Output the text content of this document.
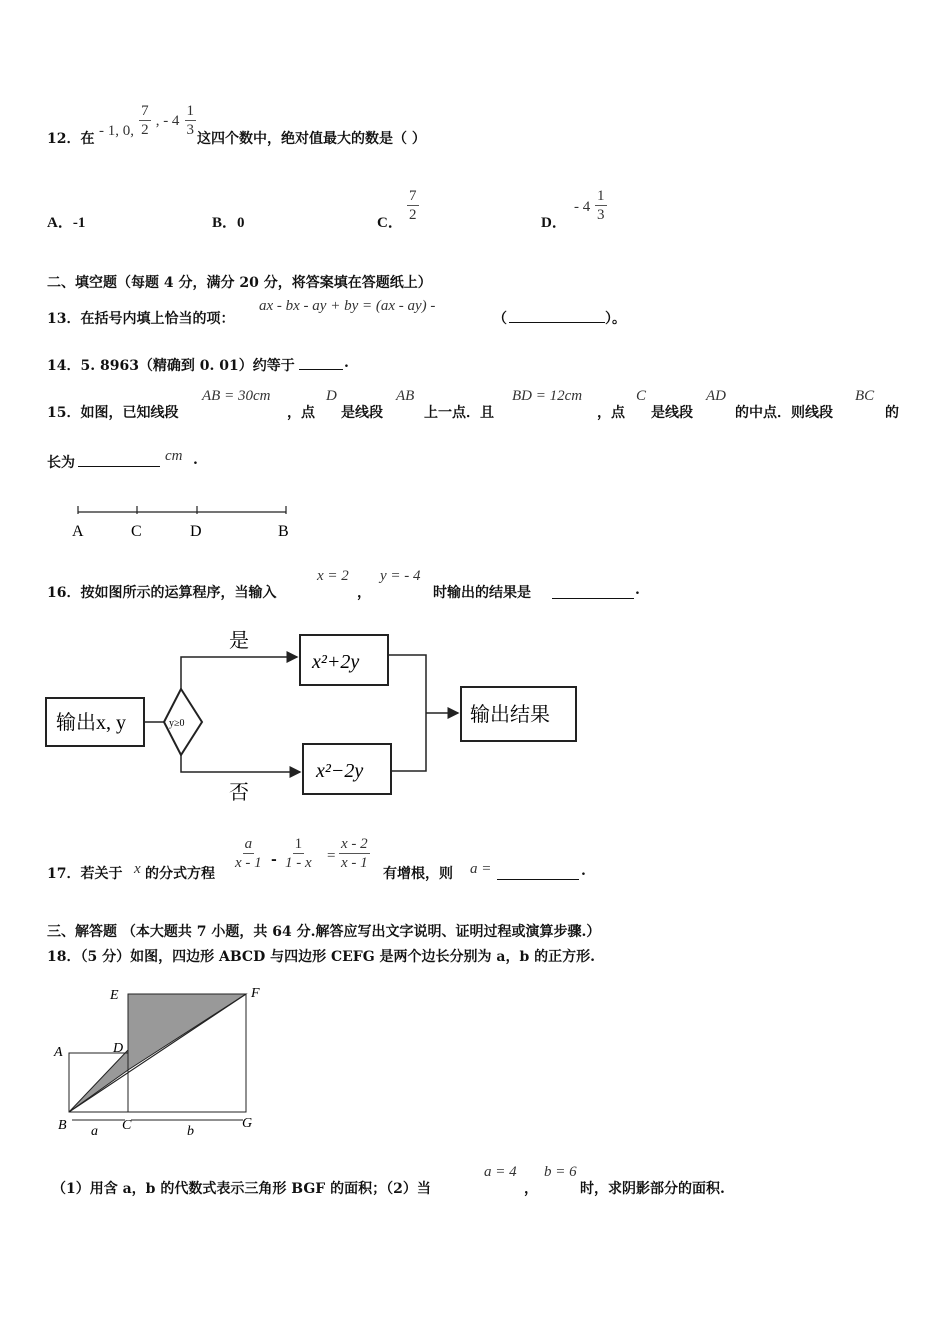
12．在 - 1, 0, $\frac{7}{2}$ , - $4 \frac{1}{3}$ 这四个数中，绝对值最大的数是（ ）
A．-1	B．0	C． $\frac{7}{2}$	D．
- $4 \frac{1}{3}$
二、填空题（每题 4 分，满分 20 分，将答案填在答题纸上）
13．在括号内填上恰当的项：
ax - bx - ay + by = (ax - ay) -
（	）。
14．5. 8963（精确到 0. 01）约等于	.
15．如图，已知线段
AB = 30cm
，点
D
是线段
AB
上一点．且
BD = 12cm
，点
C
是线段
AD
的中点．则线段
BC
的
长为	cm .
A	C	D	B
16．按如图所示的运算程序，当输入
x = 2
，
y = - 4
时输出的结果是	.
输出x, y	y≥0
是
x²+2y
否
x²−2y
输出结果
17．若关于 x 的分式方程
$\frac{a}{x - 1} - \frac{1}{1 - x} = \frac{x - 2}{x - 1}$
有增根，则 a =	.
三、解答题 （本大题共 7 小题，共 64 分.解答应写出文字说明、证明过程或演算步骤.）
18．（5 分）如图，四边形 ABCD 与四边形 CEFG 是两个边长分别为 a，b 的正方形.
E	F
A	D
B	C	G
a	b
（1）用含 a，b 的代数式表示三角形 BGF 的面积；（2）当
a = 4
，
b = 6
时，求阴影部分的面积.
